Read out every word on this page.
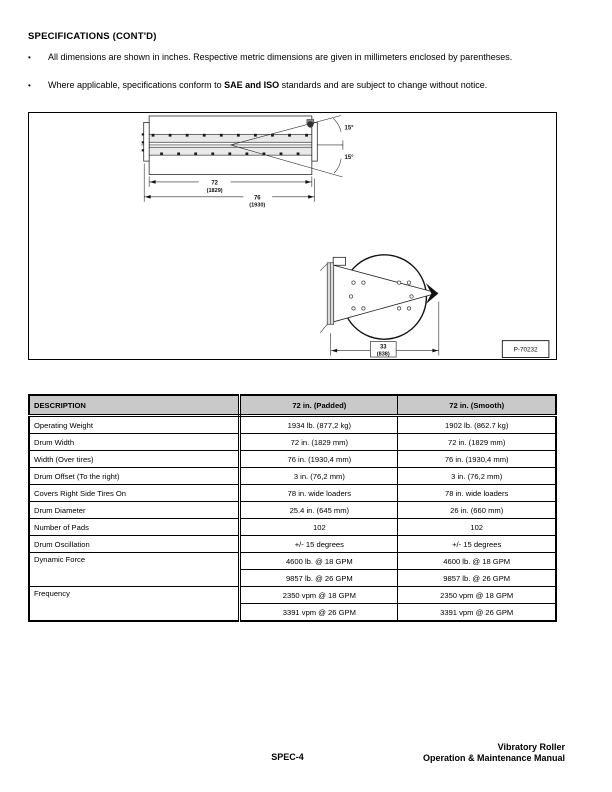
SPECIFICATIONS (CONT'D)
•	All dimensions are shown in inches. Respective metric dimensions are given in millimeters enclosed by parentheses.
•	Where applicable, specifications conform to SAE and ISO standards and are subject to change without notice.
15°
15°
72
(1829)
76
(1930)
33
(838)
P-70232
DESCRIPTION	72 in. (Padded)	72 in. (Smooth)
Operating Weight	1934 lb. (877,2 kg)	1902 lb. (862.7 kg)
Drum Width	72 in. (1829 mm)	72 in. (1829 mm)
Width (Over tires)	76 in. (1930,4 mm)	76 in. (1930,4 mm)
Drum Offset (To the right)	3 in. (76,2 mm)	3 in. (76,2 mm)
Covers Right Side Tires On	78 in. wide loaders	78 in. wide loaders
Drum Diameter	25.4 in. (645 mm)	26 in. (660 mm)
Number of Pads	102	102
Drum Oscillation	+/- 15 degrees	+/- 15 degrees
Dynamic Force	4600 lb. @ 18 GPM	4600 lb. @ 18 GPM
	9857 lb. @ 26 GPM	9857 lb. @ 26 GPM
Frequency	2350 vpm @ 18 GPM	2350 vpm @ 18 GPM
	3391 vpm @ 26 GPM	3391 vpm @ 26 GPM
SPEC-4
Vibratory Roller
Operation & Maintenance Manual
